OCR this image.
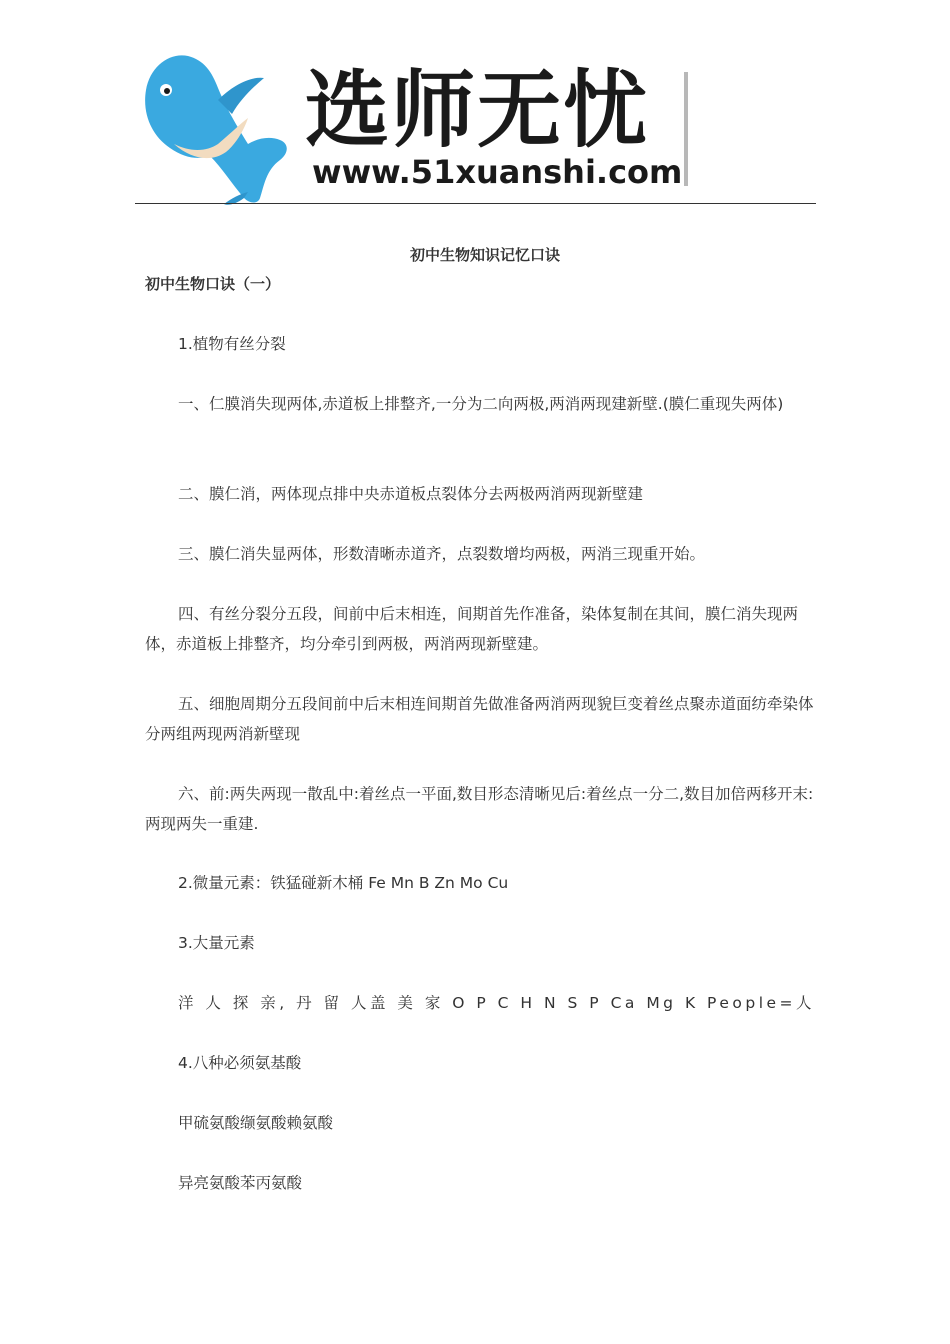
选师无忧
www.51xuanshi.com
初中生物知识记忆口诀
初中生物口诀（一）

1.植物有丝分裂

一、仁膜消失现两体,赤道板上排整齐,一分为二向两极,两消两现建新壁.(膜仁重现失两体)

二、膜仁消，两体现点排中央赤道板点裂体分去两极两消两现新壁建

三、膜仁消失显两体，形数清晰赤道齐，点裂数增均两极，两消三现重开始。

四、有丝分裂分五段，间前中后末相连，间期首先作准备，染体复制在其间，膜仁消失现两体，赤道板上排整齐，均分牵引到两极，两消两现新壁建。

五、细胞周期分五段间前中后末相连间期首先做准备两消两现貌巨变着丝点聚赤道面纺牵染体分两组两现两消新壁现

六、前:两失两现一散乱中:着丝点一平面,数目形态清晰见后:着丝点一分二,数目加倍两移开末:两现两失一重建.

2.微量元素：铁猛碰新木桶 Fe Mn B Zn Mo Cu

3.大量元素

洋 人 探 亲, 丹 留 人盖 美 家 O P C H N S P Ca Mg K People=人

4.八种必须氨基酸

甲硫氨酸缬氨酸赖氨酸

异亮氨酸苯丙氨酸
